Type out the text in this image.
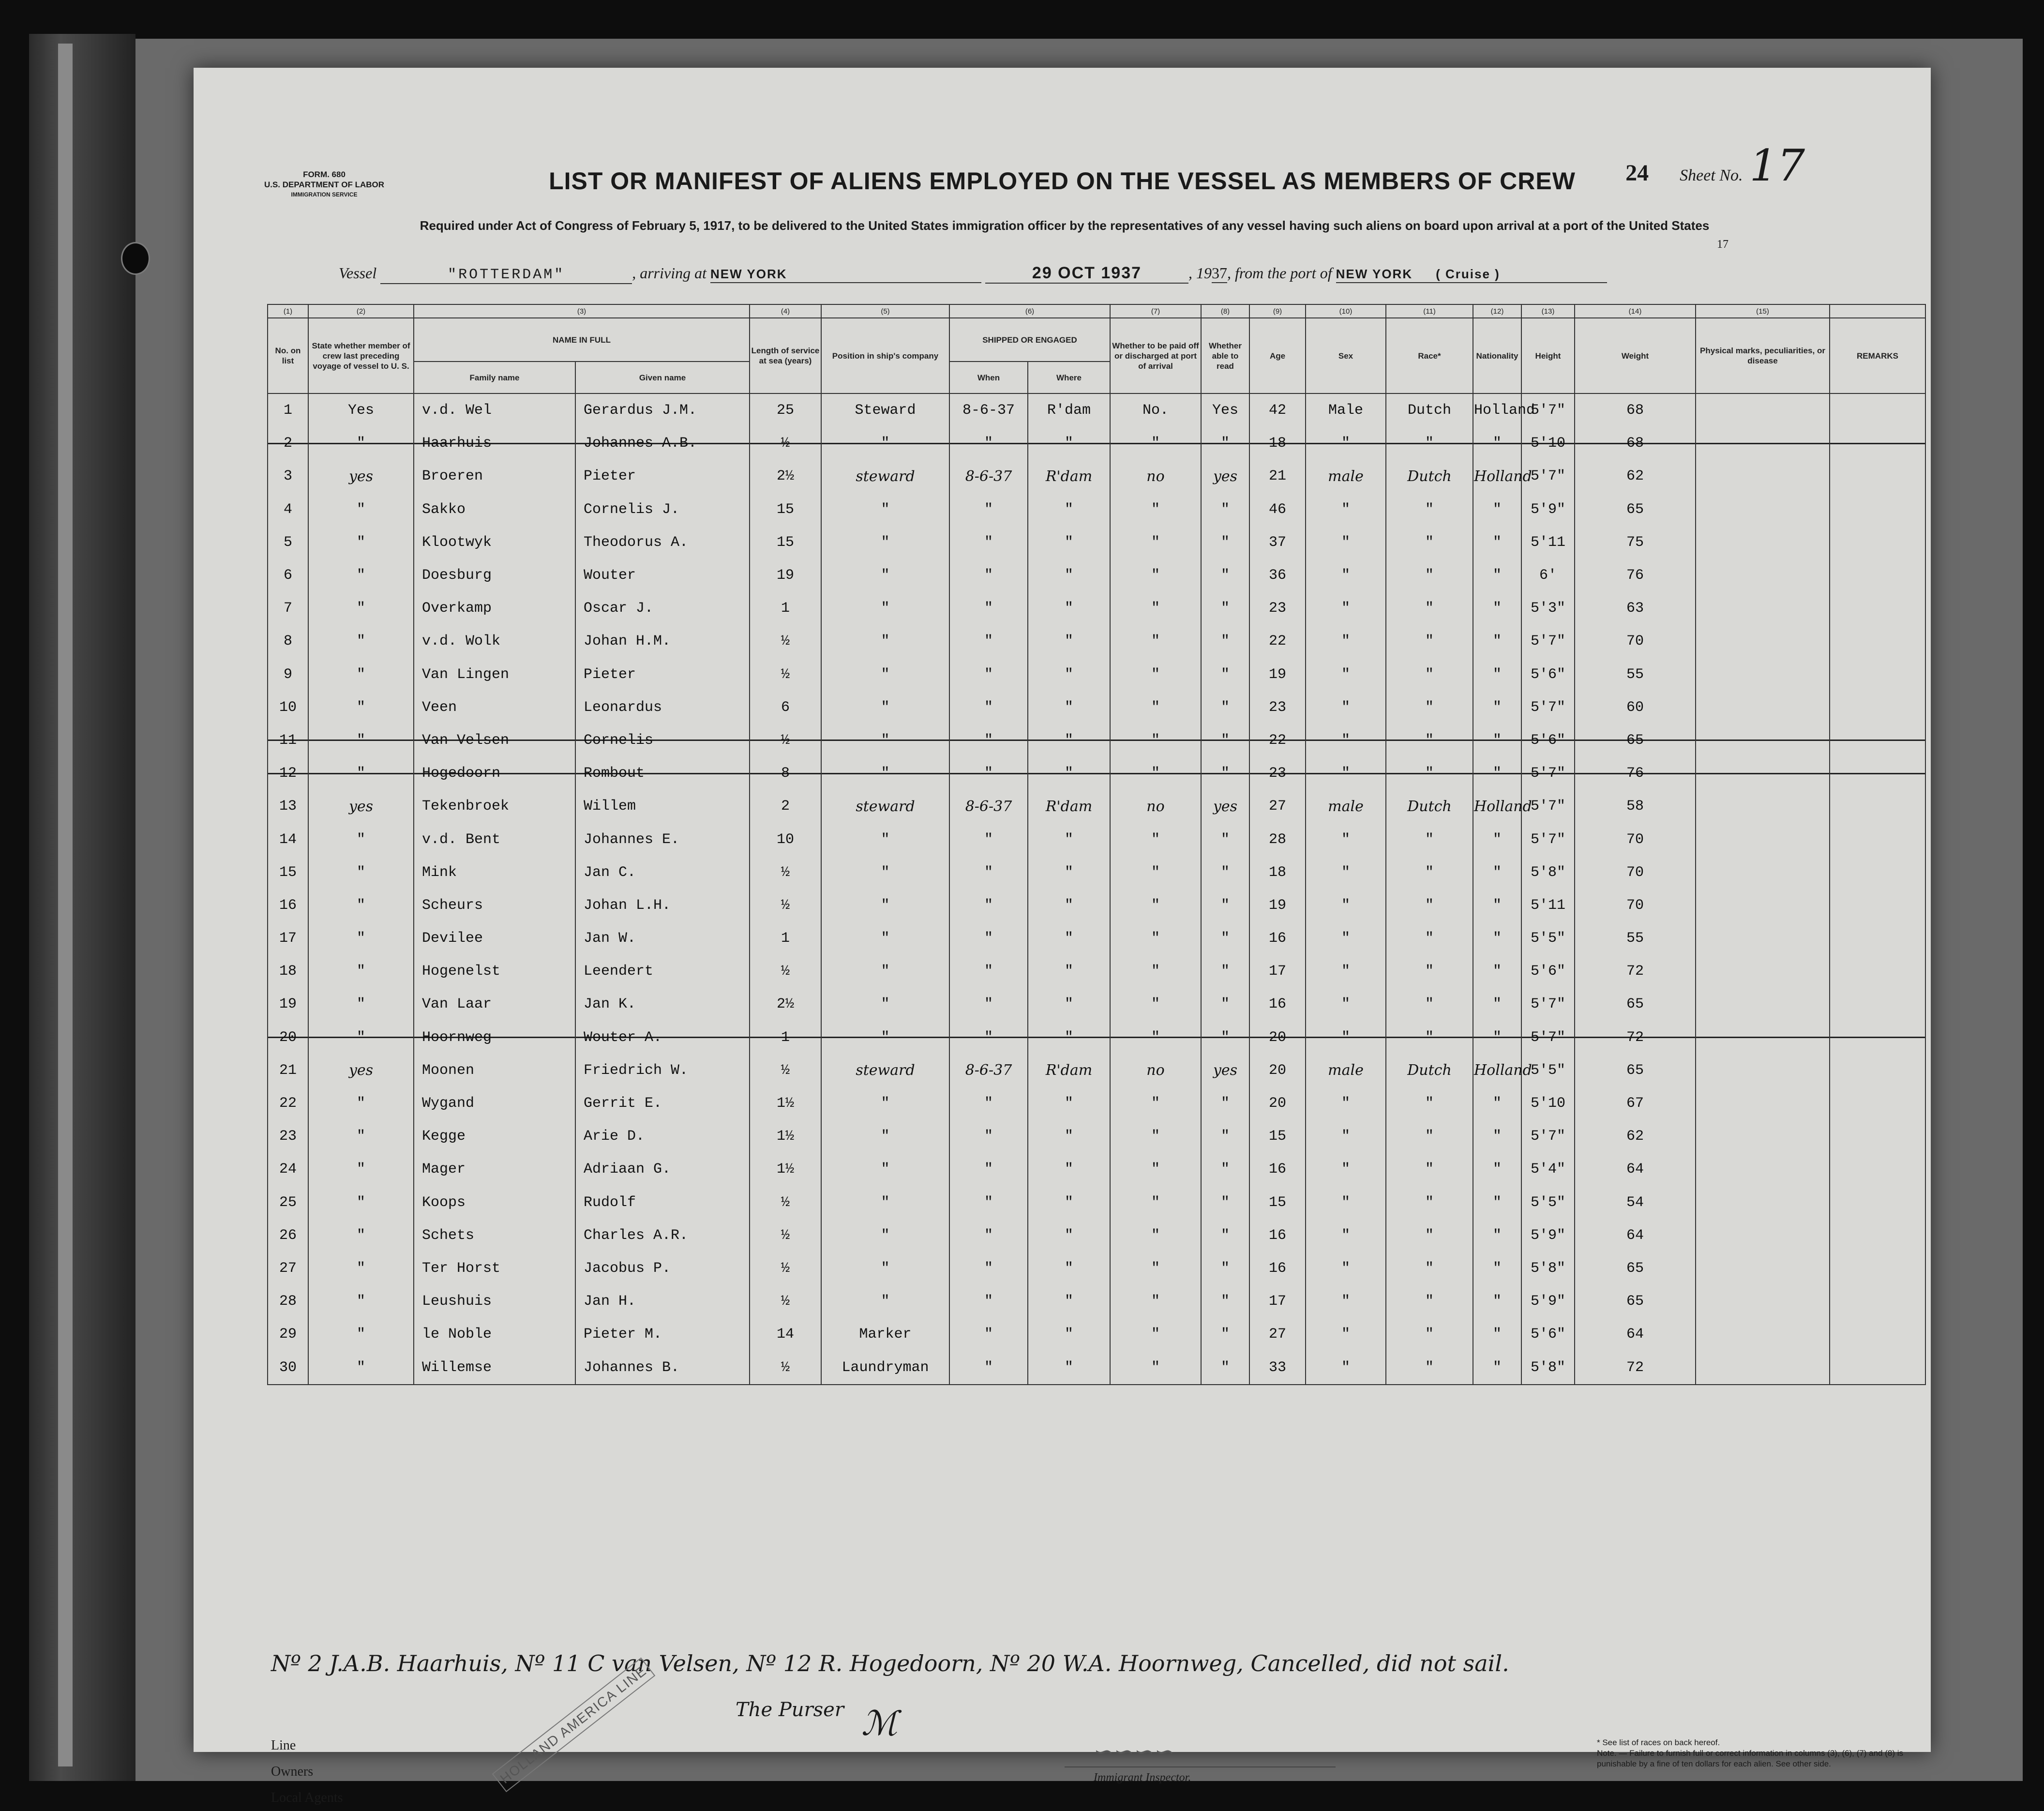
FORM. 680
U.S. DEPARTMENT OF LABOR
IMMIGRATION SERVICE	LIST OR MANIFEST OF ALIENS EMPLOYED ON THE VESSEL AS MEMBERS OF CREW	24 Sheet No. 17
Required under Act of Congress of February 5, 1917, to be delivered to the United States immigration officer by the representatives of any vessel having such aliens on board upon arrival at a port of the United States
17
Vessel	"ROTTERDAM"	, arriving at NEW YORK	29 OCT 1937	, 1937, from the port of NEW YORK ( Cruise )
(1)	(2)	(3)		(4)	(5)	(6)		(7)	(8)	(9)	(10)	(11)	(12)	(13)	(14)	(15)	
No. on list	State whether member of crew last preceding voyage of vessel to U. S.	NAME IN FULL		Length of service at sea (years)	Position in ship's company	SHIPPED OR ENGAGED		Whether to be paid off or discharged at port of arrival	Whether able to read	Age	Sex	Race*	Nationality	Height	Weight	Physical marks, peculiarities, or disease	REMARKS
		Family name	Given name			When	Where										
1	Yes	v.d. Wel	Gerardus J.M.	25	Steward	8-6-37	R'dam	No.	Yes	42	Male	Dutch	Holland	5'7"	68		
2	"	Haarhuis	Johannes A.B.	½	"	"	"	"	"	18	"	"	"	5'10	68		
3	yes	Broeren	Pieter	2½	steward	8-6-37	R'dam	no	yes	21	male	Dutch	Holland	5'7"	62		
4	"	Sakko	Cornelis J.	15	"	"	"	"	"	46	"	"	"	5'9"	65		
5	"	Klootwyk	Theodorus A.	15	"	"	"	"	"	37	"	"	"	5'11	75		
6	"	Doesburg	Wouter	19	"	"	"	"	"	36	"	"	"	6'	76		
7	"	Overkamp	Oscar J.	1	"	"	"	"	"	23	"	"	"	5'3"	63		
8	"	v.d. Wolk	Johan H.M.	½	"	"	"	"	"	22	"	"	"	5'7"	70		
9	"	Van Lingen	Pieter	½	"	"	"	"	"	19	"	"	"	5'6"	55		
10	"	Veen	Leonardus	6	"	"	"	"	"	23	"	"	"	5'7"	60		
11	"	Van Velsen	Cornelis	½	"	"	"	"	"	22	"	"	"	5'6"	65		
12	"	Hogedoorn	Rombout	8	"	"	"	"	"	23	"	"	"	5'7"	76		
13	yes	Tekenbroek	Willem	2	steward	8-6-37	R'dam	no	yes	27	male	Dutch	Holland	5'7"	58		
14	"	v.d. Bent	Johannes E.	10	"	"	"	"	"	28	"	"	"	5'7"	70		
15	"	Mink	Jan C.	½	"	"	"	"	"	18	"	"	"	5'8"	70		
16	"	Scheurs	Johan L.H.	½	"	"	"	"	"	19	"	"	"	5'11	70		
17	"	Devilee	Jan W.	1	"	"	"	"	"	16	"	"	"	5'5"	55		
18	"	Hogenelst	Leendert	½	"	"	"	"	"	17	"	"	"	5'6"	72		
19	"	Van Laar	Jan K.	2½	"	"	"	"	"	16	"	"	"	5'7"	65		
20	"	Hoornweg	Wouter A.	1	"	"	"	"	"	20	"	"	"	5'7"	72		
21	yes	Moonen	Friedrich W.	½	steward	8-6-37	R'dam	no	yes	20	male	Dutch	Holland	5'5"	65		
22	"	Wygand	Gerrit E.	1½	"	"	"	"	"	20	"	"	"	5'10	67		
23	"	Kegge	Arie D.	1½	"	"	"	"	"	15	"	"	"	5'7"	62		
24	"	Mager	Adriaan G.	1½	"	"	"	"	"	16	"	"	"	5'4"	64		
25	"	Koops	Rudolf	½	"	"	"	"	"	15	"	"	"	5'5"	54		
26	"	Schets	Charles A.R.	½	"	"	"	"	"	16	"	"	"	5'9"	64		
27	"	Ter Horst	Jacobus P.	½	"	"	"	"	"	16	"	"	"	5'8"	65		
28	"	Leushuis	Jan H.	½	"	"	"	"	"	17	"	"	"	5'9"	65		
29	"	le Noble	Pieter M.	14	Marker	"	"	"	"	27	"	"	"	5'6"	64		
30	"	Willemse	Johannes B.	½	Laundryman	"	"	"	"	33	"	"	"	5'8"	72		
Nº 2 J.A.B. Haarhuis, Nº 11 C van Velsen, Nº 12 R. Hogedoorn, Nº 20 W.A. Hoornweg, Cancelled, did not sail.
HOLLAND AMERICA LINE	The Purser ℳ
∽∽∽∽
Immigrant Inspector.
Line
Owners
Local Agents
* See list of races on back hereof.
Note. — Failure to furnish full or correct information in columns (3), (6), (7) and (8) is punishable by a fine of ten dollars for each alien. See other side.
